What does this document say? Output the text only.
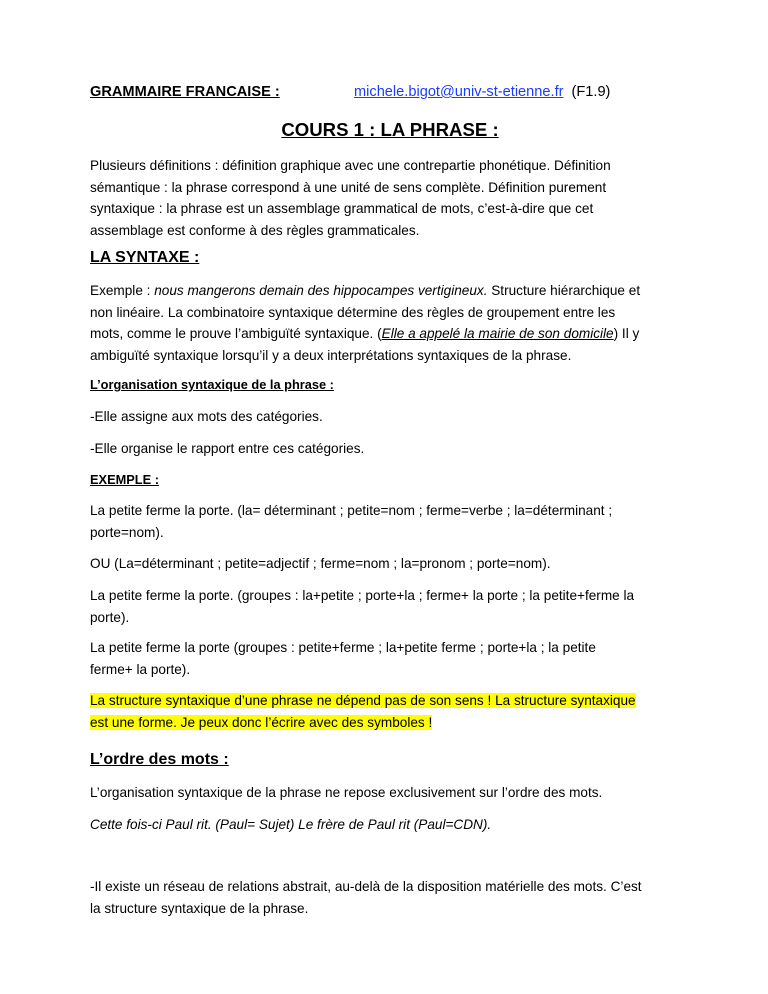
GRAMMAIRE FRANCAISE :	michele.bigot@univ-st-etienne.fr (F1.9)
COURS 1 : LA PHRASE :

Plusieurs définitions : définition graphique avec une contrepartie phonétique. Définition
sémantique : la phrase correspond à une unité de sens complète. Définition purement
syntaxique : la phrase est un assemblage grammatical de mots, c’est-à-dire que cet
assemblage est conforme à des règles grammaticales.

LA SYNTAXE :

Exemple : nous mangerons demain des hippocampes vertigineux. Structure hiérarchique et
non linéaire. La combinatoire syntaxique détermine des règles de groupement entre les
mots, comme le prouve l’ambiguïté syntaxique. (Elle a appelé la mairie de son domicile) Il y
ambiguïté syntaxique lorsqu’il y a deux interprétations syntaxiques de la phrase.

L’organisation syntaxique de la phrase :

-Elle assigne aux mots des catégories.

-Elle organise le rapport entre ces catégories.

EXEMPLE :

La petite ferme la porte. (la= déterminant ; petite=nom ; ferme=verbe ; la=déterminant ;
porte=nom).

OU (La=déterminant ; petite=adjectif ; ferme=nom ; la=pronom ; porte=nom).

La petite ferme la porte. (groupes : la+petite ; porte+la ; ferme+ la porte ; la petite+ferme la
porte).

La petite ferme la porte (groupes : petite+ferme ; la+petite ferme ; porte+la ; la petite
ferme+ la porte).

La structure syntaxique d’une phrase ne dépend pas de son sens ! La structure syntaxique
est une forme. Je peux donc l’écrire avec des symboles !

L’ordre des mots :

L’organisation syntaxique de la phrase ne repose exclusivement sur l’ordre des mots.

Cette fois-ci Paul rit. (Paul= Sujet) Le frère de Paul rit (Paul=CDN).

-Il existe un réseau de relations abstrait, au-delà de la disposition matérielle des mots. C’est
la structure syntaxique de la phrase.
